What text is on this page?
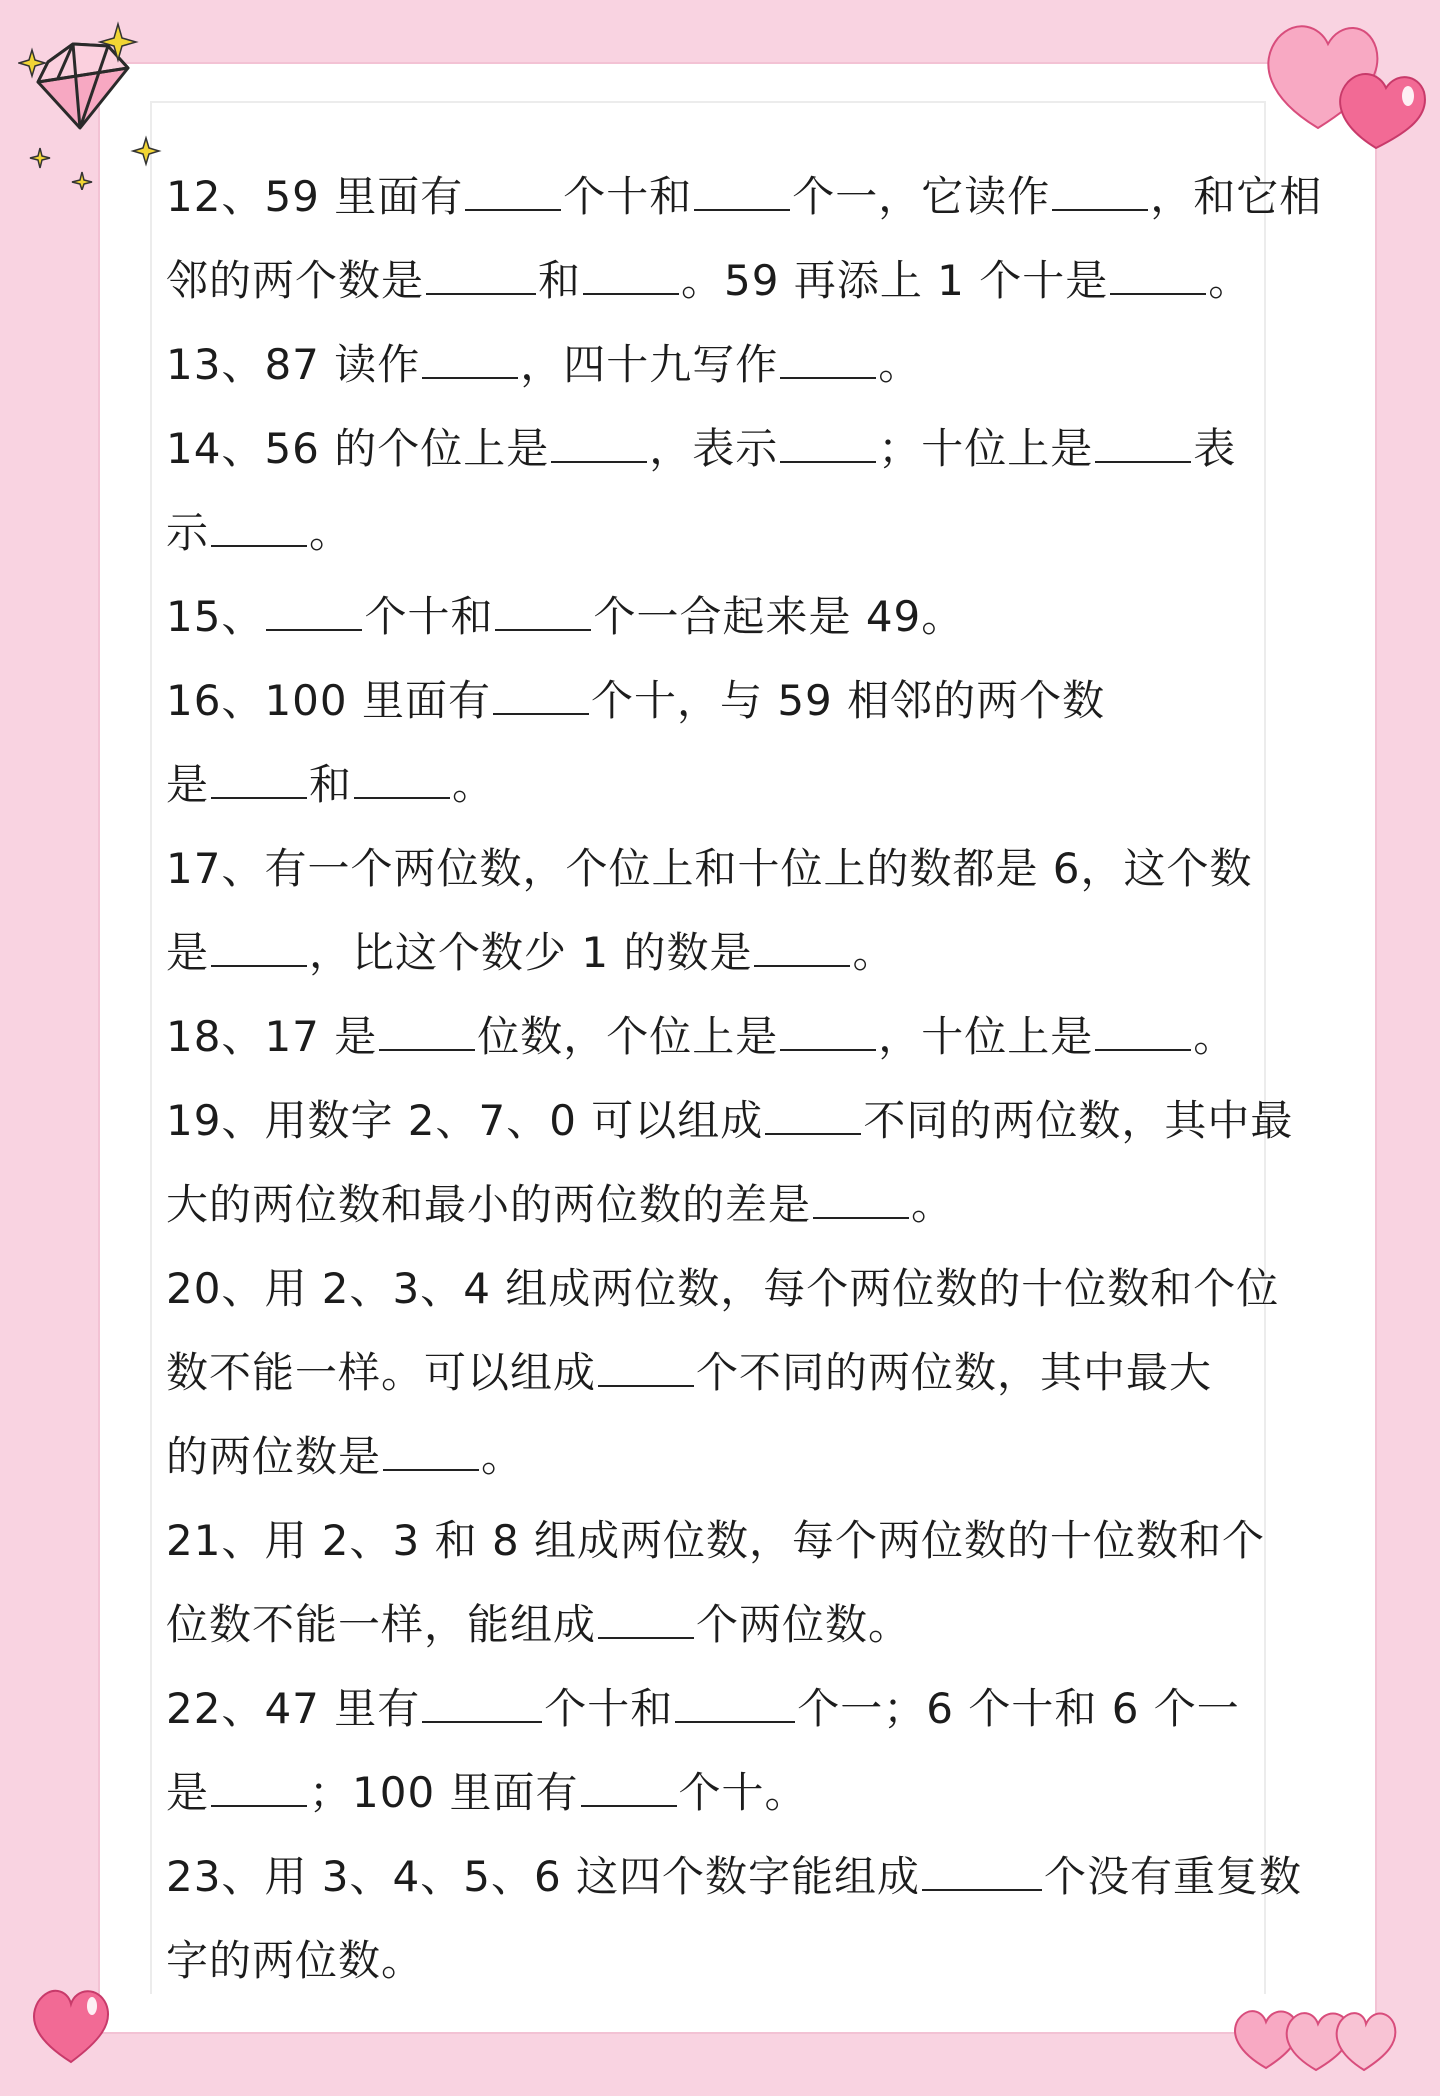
12、59 里面有 个十和 个一，它读作 ，和它相
邻的两个数是	和 。59 再添上 1 个十是 。
13、87 读作 ，四十九写作 。
14、56 的个位上是 ，表示 ；十位上是 表
示 。
15、 个十和 个一合起来是 49。
16、100 里面有 个十，与 59 相邻的两个数
是 和 。
17、有一个两位数，个位上和十位上的数都是 6，这个数
是 ，比这个数少 1 的数是 。
18、17 是 位数，个位上是 ，十位上是 。
19、用数字 2、7、0 可以组成 不同的两位数，其中最
大的两位数和最小的两位数的差是 。
20、用 2、3、4 组成两位数，每个两位数的十位数和个位
数不能一样。可以组成 个不同的两位数，其中最大
的两位数是 。
21、用 2、3 和 8 组成两位数，每个两位数的十位数和个
位数不能一样，能组成 个两位数。
22、47 里有	个十和	个一；6 个十和 6 个一
是 ；100 里面有 个十。
23、用 3、4、5、6 这四个数字能组成	个没有重复数
字的两位数。
